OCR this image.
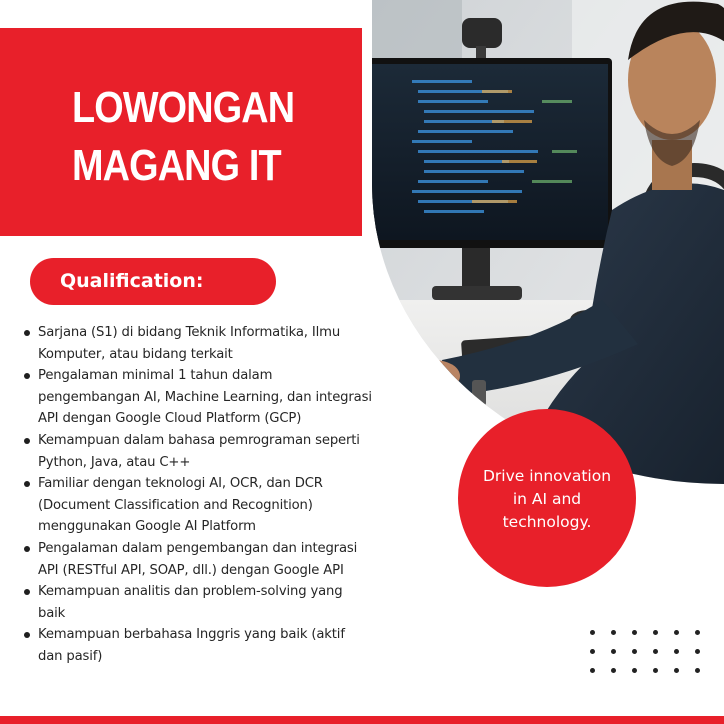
LOWONGAN
MAGANG IT
Qualification:
Sarjana (S1) di bidang Teknik Informatika, Ilmu Komputer, atau bidang terkait
Pengalaman minimal 1 tahun dalam pengembangan AI, Machine Learning, dan integrasi API dengan Google Cloud Platform (GCP)
Kemampuan dalam bahasa pemrograman seperti Python, Java, atau C++
Familiar dengan teknologi AI, OCR, dan DCR (Document Classification and Recognition) menggunakan Google AI Platform
Pengalaman dalam pengembangan dan integrasi API (RESTful API, SOAP, dll.) dengan Google API
Kemampuan analitis dan problem-solving yang baik
Kemampuan berbahasa Inggris yang baik (aktif dan pasif)
Drive innovation
in AI and
technology.
